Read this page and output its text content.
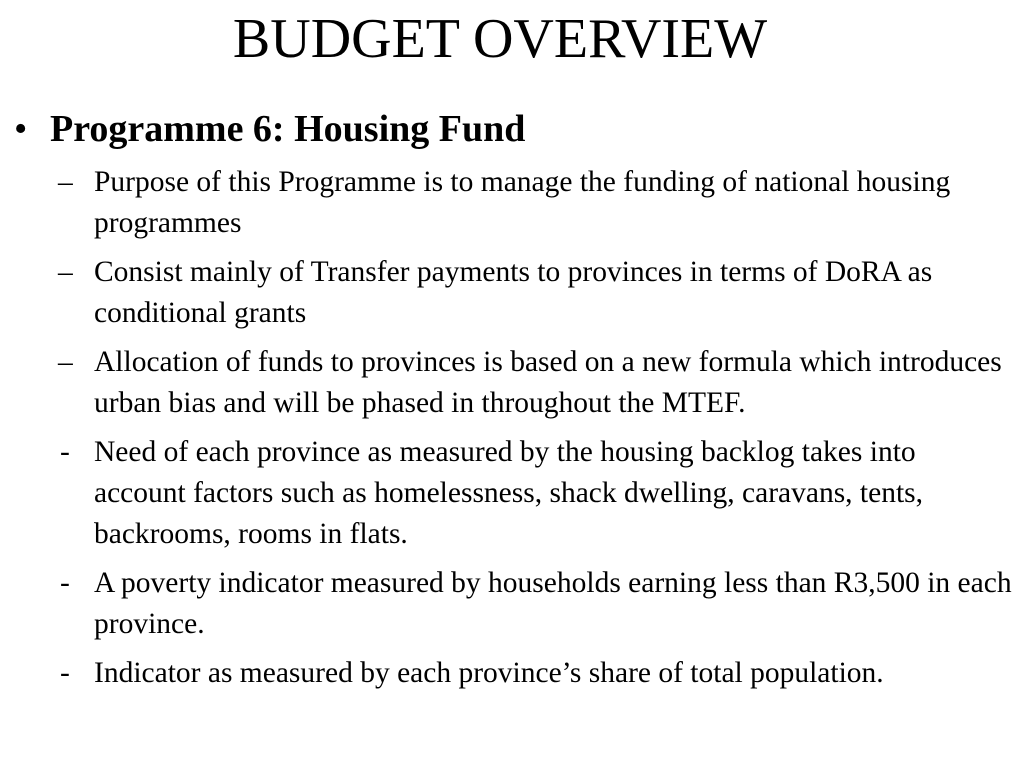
BUDGET OVERVIEW

• Programme 6: Housing Fund

– Purpose of this Programme is to manage the funding of national housing programmes
– Consist mainly of Transfer payments to provinces in terms of DoRA as conditional grants
– Allocation of funds to provinces is based on a new formula which introduces urban bias and will be phased in throughout the MTEF.
- Need of each province as measured by the housing backlog takes into account factors such as homelessness, shack dwelling, caravans, tents, backrooms, rooms in flats.
- A poverty indicator measured by households earning less than R3,500 in each province.
- Indicator as measured by each province’s share of total population.
